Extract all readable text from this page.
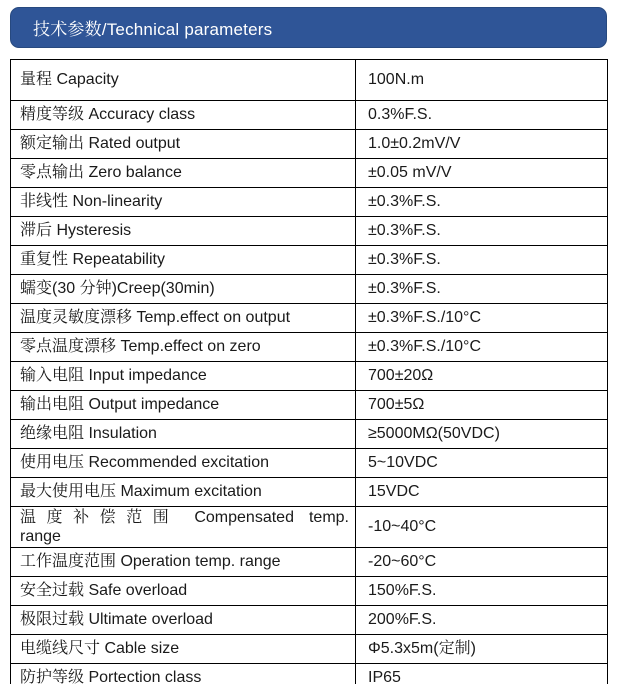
技术参数/Technical parameters
量程 Capacity	100N.m
精度等级 Accuracy class	0.3%F.S.
额定输出 Rated output	1.0±0.2mV/V
零点输出 Zero balance	±0.05 mV/V
非线性 Non-linearity	±0.3%F.S.
滞后 Hysteresis	±0.3%F.S.
重复性 Repeatability	±0.3%F.S.
蠕变(30 分钟)Creep(30min)	±0.3%F.S.
温度灵敏度漂移 Temp.effect on output	±0.3%F.S./10°C
零点温度漂移 Temp.effect on zero	±0.3%F.S./10°C
输入电阻 Input impedance	700±20Ω
输出电阻 Output impedance	700±5Ω
绝缘电阻 Insulation	≥5000MΩ(50VDC)
使用电压 Recommended excitation	5~10VDC
最大使用电压 Maximum excitation	15VDC

温度补偿范围 Compensated temp.
range	-10~40°C
工作温度范围 Operation temp. range	-20~60°C
安全过载 Safe overload	150%F.S.
极限过载 Ultimate overload	200%F.S.
电缆线尺寸 Cable size	Φ5.3x5m(定制)
防护等级 Portection class	IP65
